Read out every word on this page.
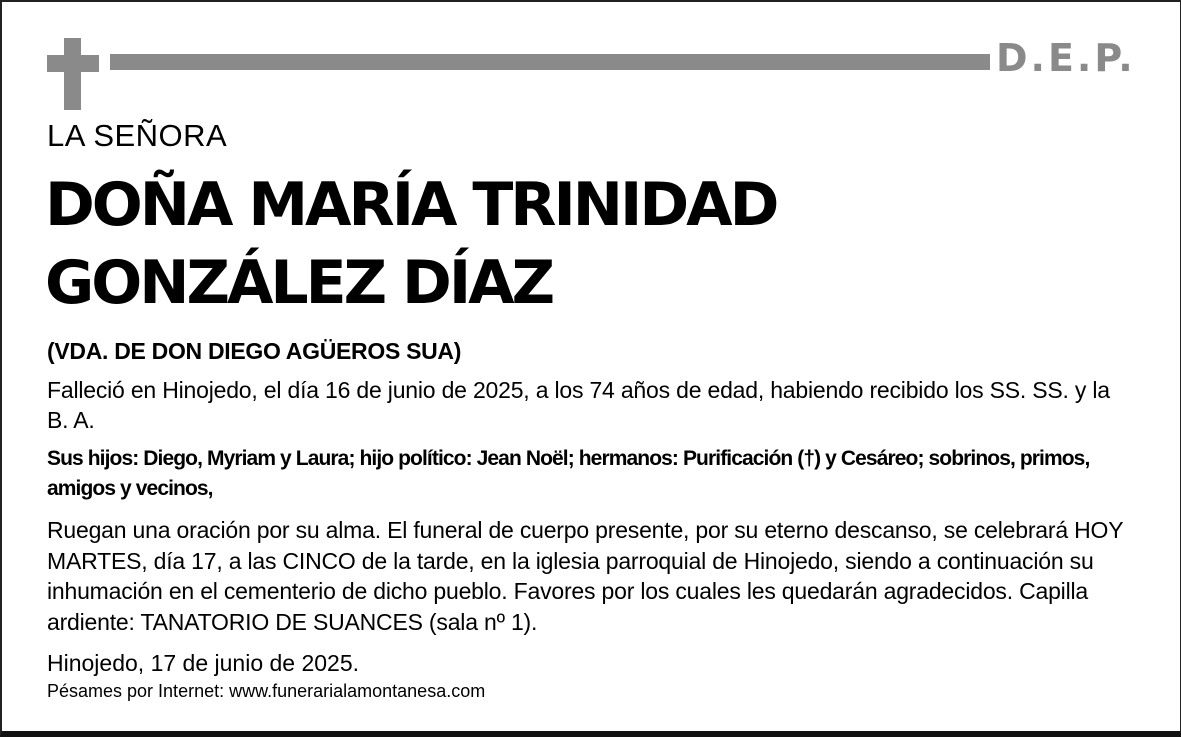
D.E.P.
LA SEÑORA
DOÑA MARÍA TRINIDAD
GONZÁLEZ DÍAZ
(VDA. DE DON DIEGO AGÜEROS SUA)

Falleció en Hinojedo, el día 16 de junio de 2025, a los 74 años de edad, habiendo recibido los SS. SS. y la B. A.

Sus hijos: Diego, Myriam y Laura; hijo político: Jean Noël; hermanos: Purificación (†) y Cesáreo; sobrinos, primos, amigos y vecinos,

Ruegan una oración por su alma. El funeral de cuerpo presente, por su eterno descanso, se celebrará HOY MARTES, día 17, a las CINCO de la tarde, en la iglesia parroquial de Hinojedo, siendo a continuación su inhumación en el cementerio de dicho pueblo. Favores por los cuales les quedarán agradecidos. Capilla ardiente: TANATORIO DE SUANCES (sala nº 1).

Hinojedo, 17 de junio de 2025.
Pésames por Internet: www.funerarialamontanesa.com
